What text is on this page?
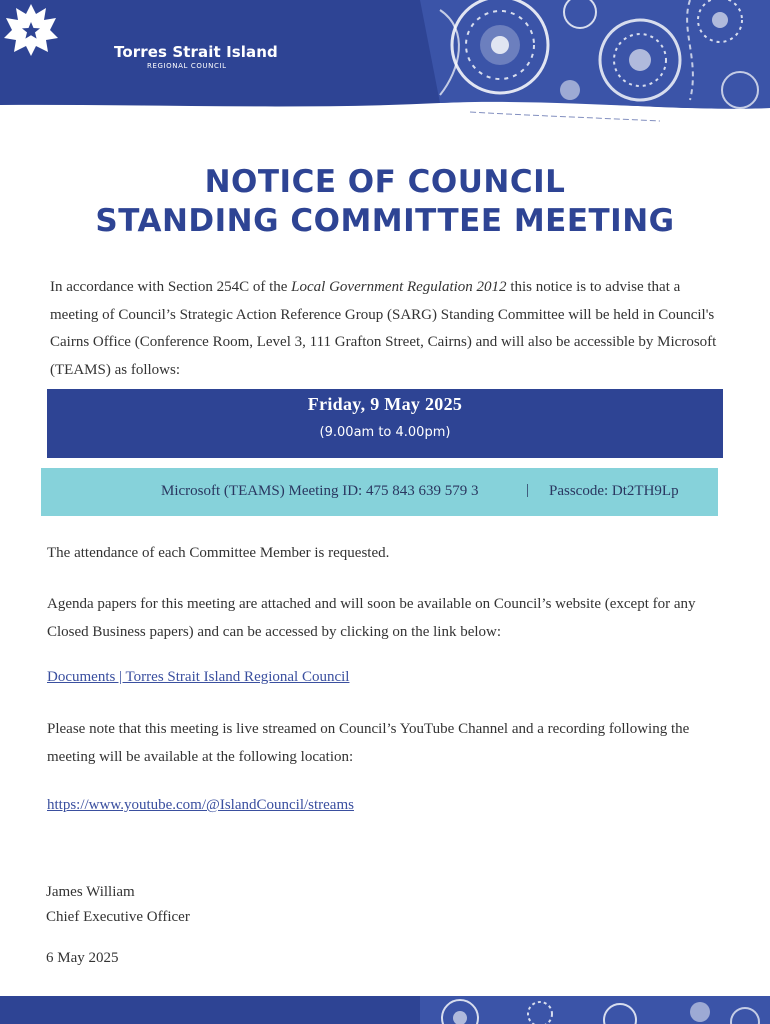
Torres Strait Island
REGIONAL COUNCIL
NOTICE OF COUNCIL
STANDING COMMITTEE MEETING
In accordance with Section 254C of the Local Government Regulation 2012 this notice is to advise that a meeting of Council’s Strategic Action Reference Group (SARG) Standing Committee will be held in Council's Cairns Office (Conference Room, Level 3, 111 Grafton Street, Cairns) and will also be accessible by Microsoft (TEAMS) as follows:
Friday, 9 May 2025
(9.00am to 4.00pm)
Microsoft (TEAMS) Meeting ID: 475 843 639 579 3	| Passcode: Dt2TH9Lp
The attendance of each Committee Member is requested.
Agenda papers for this meeting are attached and will soon be available on Council’s website (except for any Closed Business papers) and can be accessed by clicking on the link below:
Documents | Torres Strait Island Regional Council
Please note that this meeting is live streamed on Council’s YouTube Channel and a recording following the meeting will be available at the following location:
https://www.youtube.com/@IslandCouncil/streams
James William
Chief Executive Officer
6 May 2025
